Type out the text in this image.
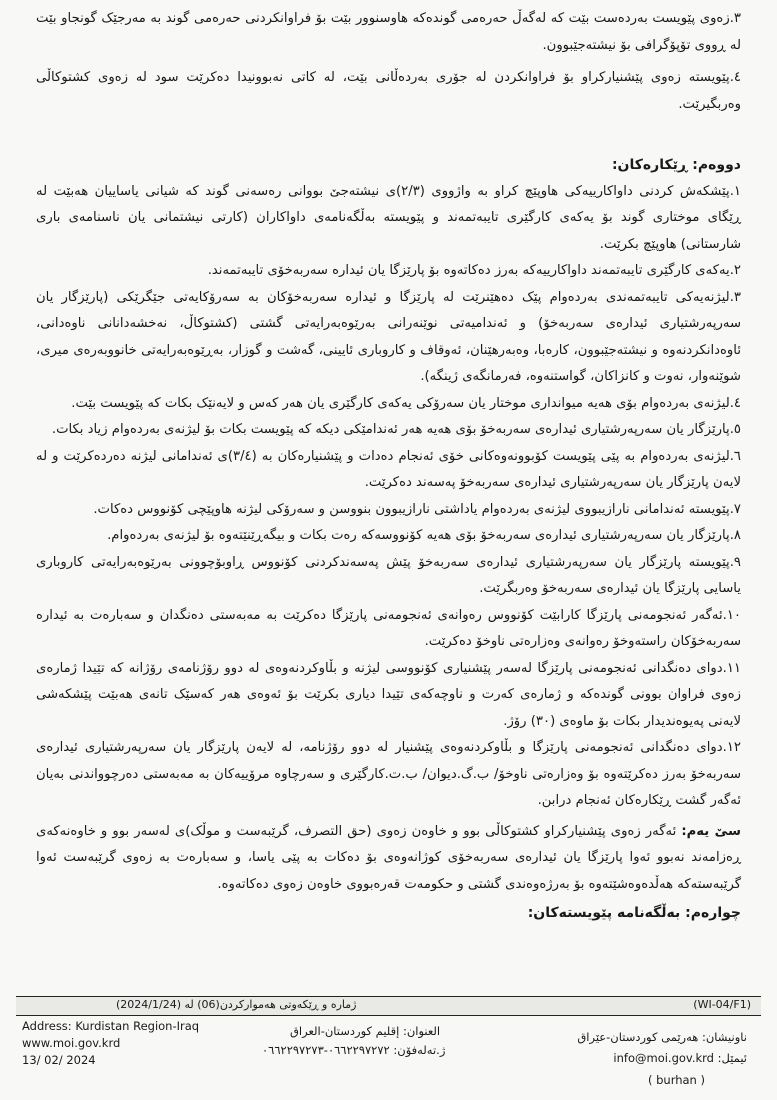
٣.زەوی پێویست بەردەست بێت کە لەگەڵ حەرەمی گوندەکە هاوسنوور بێت بۆ فراوانکردنی حەرەمی گوند بە مەرجێک گونجاو بێت لە ڕووی تۆپۆگرافی بۆ نیشتەجێبوون.

٤.پێویستە زەوی پێشنیارکراو بۆ فراوانکردن لە جۆری بەردەڵانی بێت، لە کاتی نەبوونیدا دەکرێت سود لە زەوی کشتوکاڵی وەربگیرێت.

دووەم: ڕێکارەکان:

١.پێشکەش کردنی داواکارییەکی هاوپێچ کراو بە واژووی (٢/٣)ی نیشتەجێ بووانی رەسەنی گوند کە شیانی یاساییان هەبێت لە ڕێگای موختاری گوند بۆ یەکەی کارگێری تایبەتمەند و پێویستە بەڵگەنامەی داواکاران (کارتی نیشتمانی یان ناسنامەی باری شارستانی) هاوپێچ بکرێت.

٢.یەکەی کارگێری تایبەتمەند داواکارییەکە بەرز دەکاتەوە بۆ پارێزگا یان ئیدارە سەربەخۆی تایبەتمەند.

٣.لیژنەیەکی تایبەتمەندی بەردەوام پێک دەهێنرێت لە پارێزگا و ئیدارە سەربەخۆکان بە سەرۆکایەتی جێگرێکی (پارێزگار یان سەرپەرشتیاری ئیدارەی سەربەخۆ) و ئەندامیەتی نوێنەرانی بەرێوەبەرایەتی گشتی (کشتوکاڵ، نەخشەدانانی ناوەدانی، ئاوەدانکردنەوە و نیشتەجێبوون، کارەبا، وەبەرهێنان، ئەوقاف و کاروباری ئایینی، گەشت و گوزار، بەڕێوەبەرایەتی خانووبەرەی میری، شوێنەوار، نەوت و کانزاکان، گواستنەوە، فەرمانگەی ژینگە).

٤.لیژنەی بەردەوام بۆی هەیە میوانداری موختار یان سەرۆکی یەکەی کارگێری یان هەر کەس و لایەنێک بکات کە پێویست بێت.

٥.پارێزگار یان سەرپەرشتیاری ئیدارەی سەربەخۆ بۆی هەیە هەر ئەندامێکی دیکە کە پێویست بکات بۆ لیژنەی بەردەوام زیاد بکات.

٦.لیژنەی بەردەوام بە پێی پێویست کۆبوونەوەکانی خۆی ئەنجام دەدات و پێشنیارەکان بە (٣/٤)ی ئەندامانی لیژنە دەردەکرێت و لە لایەن پارێزگار یان سەرپەرشتیاری ئیدارەی سەربەخۆ پەسەند دەکرێت.

٧.پێویستە ئەندامانی نارازیبووی لیژنەی بەردەوام یاداشتی نارازیبوون بنووسن و سەرۆکی لیژنە هاوپێچی کۆنووس دەکات.

٨.پارێزگار یان سەرپەرشتیاری ئیدارەی سەربەخۆ بۆی هەیە کۆنووسەکە رەت بکات و بیگەڕێنێتەوە بۆ لیژنەی بەردەوام.

٩.پێویستە پارێزگار یان سەرپەرشتیاری ئیدارەی سەربەخۆ پێش پەسەندکردنی کۆنووس ڕاوبۆچوونی بەرێوەبەرایەتی کاروباری یاسایی پارێزگا یان ئیدارەی سەربەخۆ وەربگرێت.

١٠.ئەگەر ئەنجومەنی پارێزگا کارابێت کۆنووس رەوانەی ئەنجومەنی پارێزگا دەکرێت بە مەبەستی دەنگدان و سەبارەت بە ئیدارە سەربەخۆکان راستەوخۆ رەوانەی وەزارەتی ناوخۆ دەکرێت.

١١.دوای دەنگدانی ئەنجومەنی پارێزگا لەسەر پێشنیاری کۆنووسی لیژنە و بڵاوکردنەوەی لە دوو رۆژنامەی رۆژانە کە تێیدا ژمارەی زەوی فراوان بوونی گوندەکە و ژمارەی کەرت و ناوچەکەی تێیدا دیاری بکرێت بۆ ئەوەی هەر کەسێک تانەی هەبێت پێشکەشی لایەنی پەیوەندیدار بکات بۆ ماوەی (٣٠) رۆژ.

١٢.دوای دەنگدانی ئەنجومەنی پارێزگا و بڵاوکردنەوەی پێشنیار لە دوو رۆژنامە، لە لایەن پارێزگار یان سەرپەرشتیاری ئیدارەی سەربەخۆ بەرز دەکرێتەوە بۆ وەزارەتی ناوخۆ/ ب.گ.دیوان/ ب.ت.کارگێری و سەرچاوە مرۆییەکان بە مەبەستی دەرچوواندنی بەیان ئەگەر گشت ڕێکارەکان ئەنجام درابن.

سێ یەم: ئەگەر زەوی پێشنیارکراو کشتوکاڵی بوو و خاوەن زەوی (حق التصرف، گرێبەست و موڵک)ی لەسەر بوو و خاوەنەکەی ڕەزامەند نەبوو ئەوا پارێزگا یان ئیدارەی سەربەخۆی کوژانەوەی بۆ دەکات بە پێی یاسا، و سەبارەت بە زەوی گرێبەست ئەوا گرێبەستەکە هەڵدەوەشێتەوە بۆ بەرژەوەندی گشتی و حکومەت قەرەبووی خاوەن زەوی دەکاتەوە.

چوارەم: بەڵگەنامە پێویستەکان:

(WI-04/F1)
ژمارە و ڕێکەوتی هەموارکردن(06) لە (2024/1/24)
Address: Kurdistan Region-Iraq	العنوان: إقليم كوردستان-العراق	ناونیشان: هەرێمی کوردستان-عێراق
www.moi.gov.krd	ژ.تەلەفۆن: ٠٦٦٢٢٩٧٢٧٢-٠٦٦٢٢٩٧٢٧٣
ئیمێل: info@moi.gov.krd
13/ 02/ 2024
( burhan )
